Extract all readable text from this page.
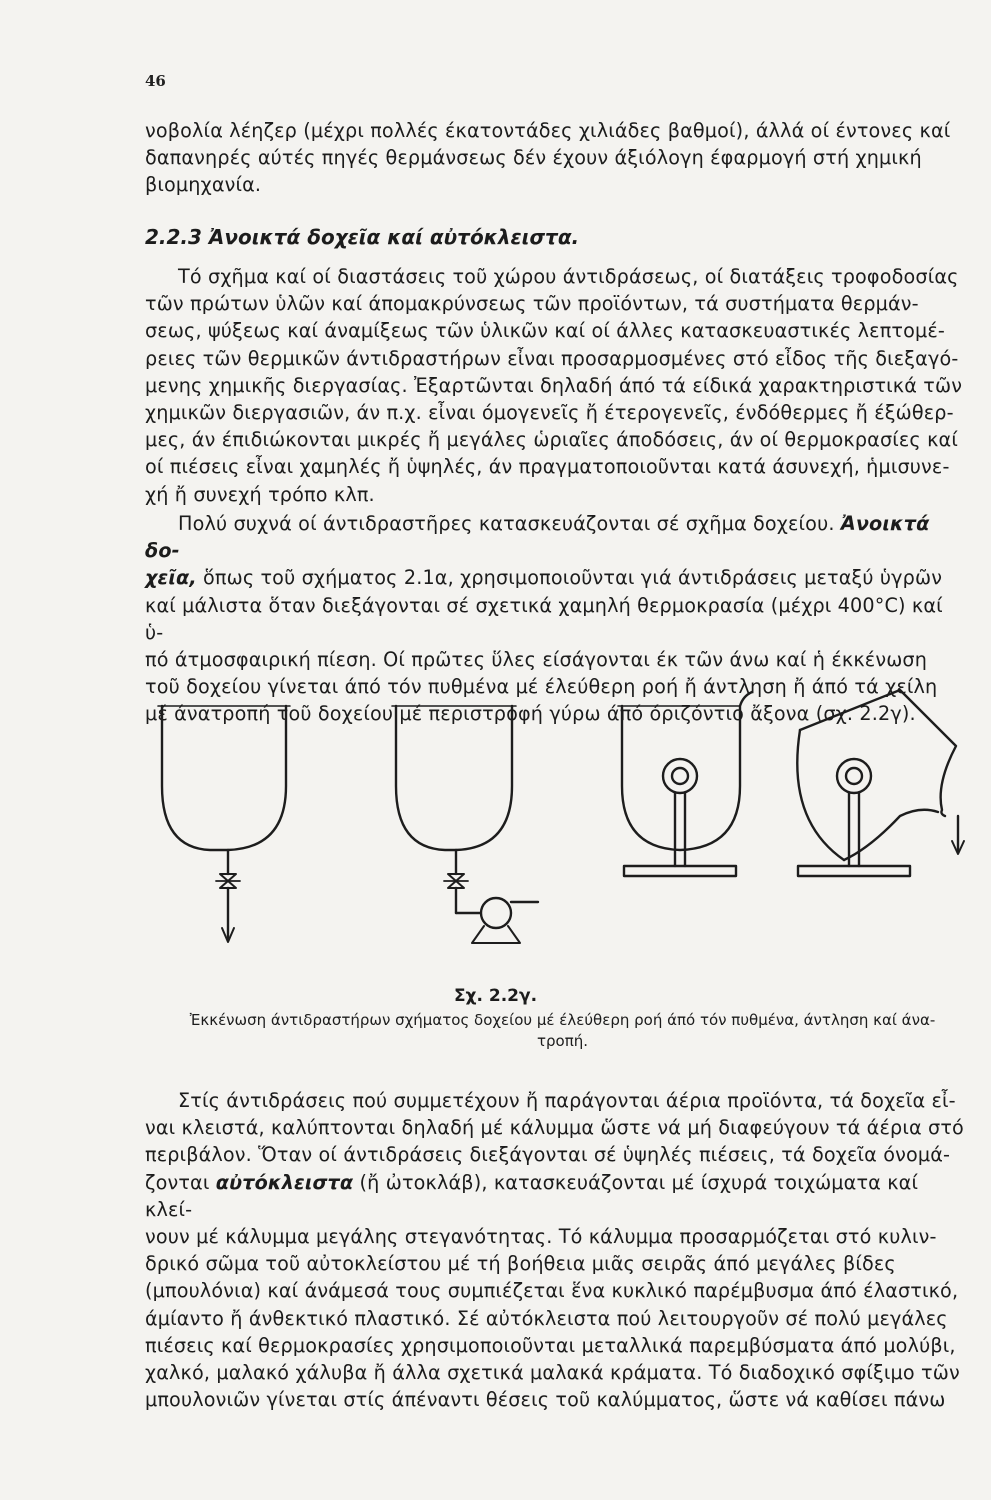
46

νοβολία λέηζερ (μέχρι πολλές έκατοντάδες χιλιάδες βαθμοί), άλλά οί έντονες καί

δαπανηρές αύτές πηγές θερμάνσεως δέν έχουν άξιόλογη έφαρμογή στή χημική

βιομηχανία.

2.2.3 Ἀνοικτά δοχεῖα καί αὐτόκλειστα.

Τό σχῆμα καί οί διαστάσεις τοῦ χώρου άντιδράσεως, οί διατάξεις τροφοδοσίας

τῶν πρώτων ὑλῶν καί άπομακρύνσεως τῶν προϊόντων, τά συστήματα θερμάν-

σεως, ψύξεως καί άναμίξεως τῶν ὑλικῶν καί οί άλλες κατασκευαστικές λεπτομέ-

ρειες τῶν θερμικῶν άντιδραστήρων εἶναι προσαρμοσμένες στό εἶδος τῆς διεξαγό-

μενης χημικῆς διεργασίας. Ἐξαρτῶνται δηλαδή άπό τά είδικά χαρακτηριστικά τῶν

χημικῶν διεργασιῶν, άν π.χ. εἶναι όμογενεῖς ἤ έτερογενεῖς, ένδόθερμες ἤ έξώθερ-

μες, άν έπιδιώκονται μικρές ἤ μεγάλες ὡριαῖες άποδόσεις, άν οί θερμοκρασίες καί

οί πιέσεις εἶναι χαμηλές ἤ ὑψηλές, άν πραγματοποιοῦνται κατά άσυνεχή, ἡμισυνε-

χή ἤ συνεχή τρόπο κλπ.

Πολύ συχνά οί άντιδραστῆρες κατασκευάζονται σέ σχῆμα δοχείου. Ἀνοικτά δο-

χεῖα, ὅπως τοῦ σχήματος 2.1α, χρησιμοποιοῦνται γιά άντιδράσεις μεταξύ ὑγρῶν

καί μάλιστα ὅταν διεξάγονται σέ σχετικά χαμηλή θερμοκρασία (μέχρι 400°C) καί ὑ-

πό άτμοσφαιρική πίεση. Οί πρῶτες ὕλες είσάγονται έκ τῶν άνω καί ἡ έκκένωση

τοῦ δοχείου γίνεται άπό τόν πυθμένα μέ έλεύθερη ροή ἤ άντληση ἤ άπό τά χείλη

μέ άνατροπή τοῦ δοχείου μέ περιστροφή γύρω άπό όριζόντιο ἄξονα (σχ. 2.2γ).

Σχ. 2.2γ.
Ἐκκένωση άντιδραστήρων σχήματος δοχείου μέ έλεύθερη ροή άπό τόν πυθμένα, άντληση καί άνα-
τροπή.

Στίς άντιδράσεις πού συμμετέχουν ἤ παράγονται άέρια προϊόντα, τά δοχεῖα εἶ-

ναι κλειστά, καλύπτονται δηλαδή μέ κάλυμμα ὥστε νά μή διαφεύγουν τά άέρια στό

περιβάλον. Ὅταν οί άντιδράσεις διεξάγονται σέ ὑψηλές πιέσεις, τά δοχεῖα όνομά-

ζονται αὐτόκλειστα (ἤ ὠτοκλάβ), κατασκευάζονται μέ ίσχυρά τοιχώματα καί κλεί-

νουν μέ κάλυμμα μεγάλης στεγανότητας. Τό κάλυμμα προσαρμόζεται στό κυλιν-

δρικό σῶμα τοῦ αὐτοκλείστου μέ τή βοήθεια μιᾶς σειρᾶς άπό μεγάλες βίδες

(μπουλόνια) καί άνάμεσά τους συμπιέζεται ἕνα κυκλικό παρέμβυσμα άπό έλαστικό,

άμίαντο ἤ άνθεκτικό πλαστικό. Σέ αὐτόκλειστα πού λειτουργοῦν σέ πολύ μεγάλες

πιέσεις καί θερμοκρασίες χρησιμοποιοῦνται μεταλλικά παρεμβύσματα άπό μολύβι,

χαλκό, μαλακό χάλυβα ἤ άλλα σχετικά μαλακά κράματα. Τό διαδοχικό σφίξιμο τῶν

μπουλονιῶν γίνεται στίς άπέναντι θέσεις τοῦ καλύμματος, ὥστε νά καθίσει πάνω
